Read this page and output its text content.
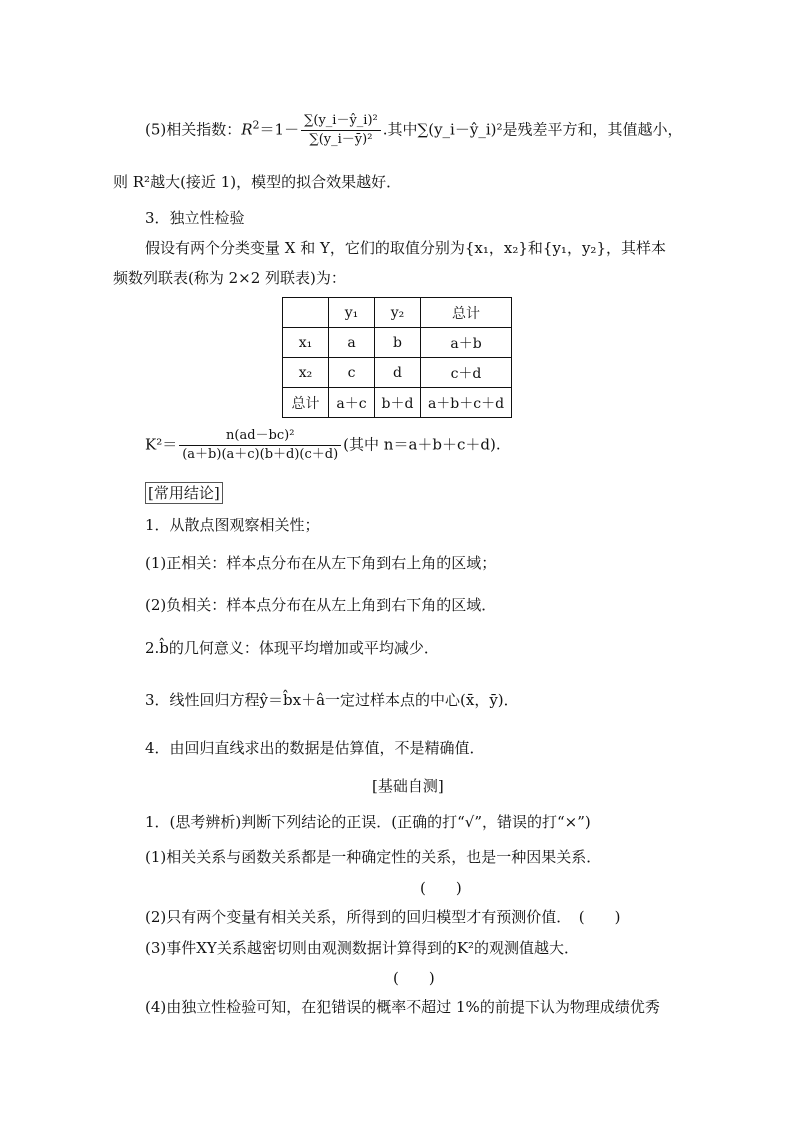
(5)相关指数：$R^2=1- \frac{\text{∑(y\_i－ŷ\_i)²}}{\text{∑(y\_i－ȳ)²}}$ .其中∑(y_i－ŷ_i)²是残差平方和，其值越小，
则 R²越大(接近 1)，模型的拟合效果越好．
3．独立性检验
假设有两个分类变量 X 和 Y，它们的取值分别为{x₁，x₂}和{y₁，y₂}，其样本
频数列联表(称为 2×2 列联表)为：
	y₁	y₂	总计
x₁	a	b	a＋b
x₂	c	d	c＋d
总计	a＋c	b＋d	a＋b＋c＋d
$K^2= \frac{\text{n(ad－bc)²}}{(a+b)(a+c)(b+d)(c+d)}$ (其中 n＝a＋b＋c＋d).
[常用结论]
1．从散点图观察相关性；
(1)正相关：样本点分布在从左下角到右上角的区域；
(2)负相关：样本点分布在从左上角到右下角的区域．
2.b̂的几何意义：体现平均增加或平均减少．
3．线性回归方程ŷ＝b̂x＋â一定过样本点的中心(x̄，ȳ)．
4．由回归直线求出的数据是估算值，不是精确值．
[基础自测]
1．(思考辨析)判断下列结论的正误．(正确的打“√”，错误的打“×”)
(1)相关关系与函数关系都是一种确定性的关系，也是一种因果关系．
(　　)
(2)只有两个变量有相关关系，所得到的回归模型才有预测价值．　(　　)
(3)事件XY关系越密切则由观测数据计算得到的K²的观测值越大．
(　　)
(4)由独立性检验可知，在犯错误的概率不超过 1%的前提下认为物理成绩优秀
